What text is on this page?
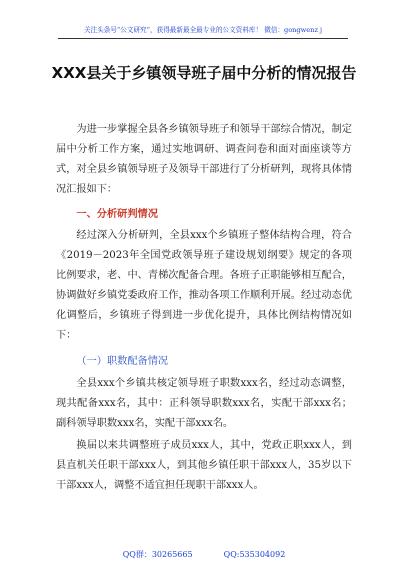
关注头条号“公文研究”，获得最新最全最专业的公文资料库！ 微信：gongwenz j
XXX县关于乡镇领导班子届中分析的情况报告

为进一步掌握全县各乡镇领导班子和领导干部综合情况，制定届中分析工作方案，通过实地调研、调查问卷和面对面座谈等方式，对全县乡镇领导班子及领导干部进行了分析研判，现将具体情况汇报如下：

一、分析研判情况

经过深入分析研判，全县xxx个乡镇班子整体结构合理，符合《2019－2023年全国党政领导班子建设规划纲要》规定的各项比例要求，老、中、青梯次配备合理。各班子正职能够相互配合，协调做好乡镇党委政府工作，推动各项工作顺利开展。经过动态优化调整后，乡镇班子得到进一步优化提升，具体比例结构情况如下：

（一）职数配备情况

全县xxx个乡镇共核定领导班子职数xxx名，经过动态调整，现共配备xxx名，其中：正科领导职数xxx名，实配干部xxx名；副科领导职数xxx名，实配干部xxx名。

换届以来共调整班子成员xxx人，其中，党政正职xxx人，到县直机关任职干部xxx人，到其他乡镇任职干部xxx人，35岁以下干部xxx人，调整不适宜担任现职干部xxx人。

QQ群：30265665	QQ:535304092
